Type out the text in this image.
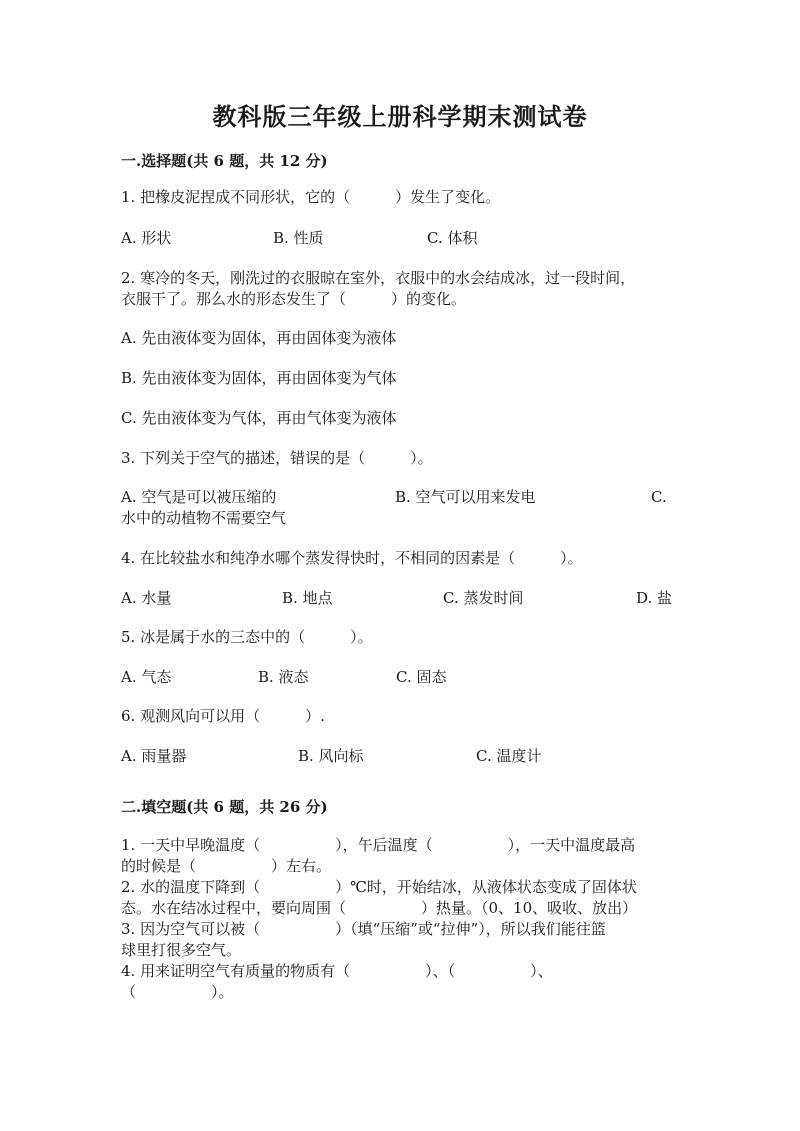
教科版三年级上册科学期末测试卷
一.选择题(共 6 题，共 12 分)
1. 把橡皮泥捏成不同形状，它的（　　　）发生了变化。
A. 形状	B. 性质	C. 体积
2. 寒冷的冬天，刚洗过的衣服晾在室外，衣服中的水会结成冰，过一段时间，
衣服干了。那么水的形态发生了（　　　）的变化。
A. 先由液体变为固体，再由固体变为液体
B. 先由液体变为固体，再由固体变为气体
C. 先由液体变为气体，再由气体变为液体
3. 下列关于空气的描述，错误的是（　　　）。
A. 空气是可以被压缩的	B. 空气可以用来发电	C.
水中的动植物不需要空气
4. 在比较盐水和纯净水哪个蒸发得快时，不相同的因素是（　　　）。
A. 水量	B. 地点	C. 蒸发时间	D. 盐
5. 冰是属于水的三态中的（　　　）。
A. 气态	B. 液态	C. 固态
6. 观测风向可以用（　　　）.
A. 雨量器	B. 风向标	C. 温度计
二.填空题(共 6 题，共 26 分)
1. 一天中早晚温度（　　　　　），午后温度（　　　　　），一天中温度最高
的时候是（　　　　　）左右。
2. 水的温度下降到（　　　　　）℃时，开始结冰，从液体状态变成了固体状
态。水在结冰过程中，要向周围（　　　　　）热量。（0、10、吸收、放出）
3. 因为空气可以被（　　　　　）（填“压缩”或“拉伸”），所以我们能往篮
球里打很多空气。
4. 用来证明空气有质量的物质有（　　　　　）、（　　　　　）、
（　　　　　）。
